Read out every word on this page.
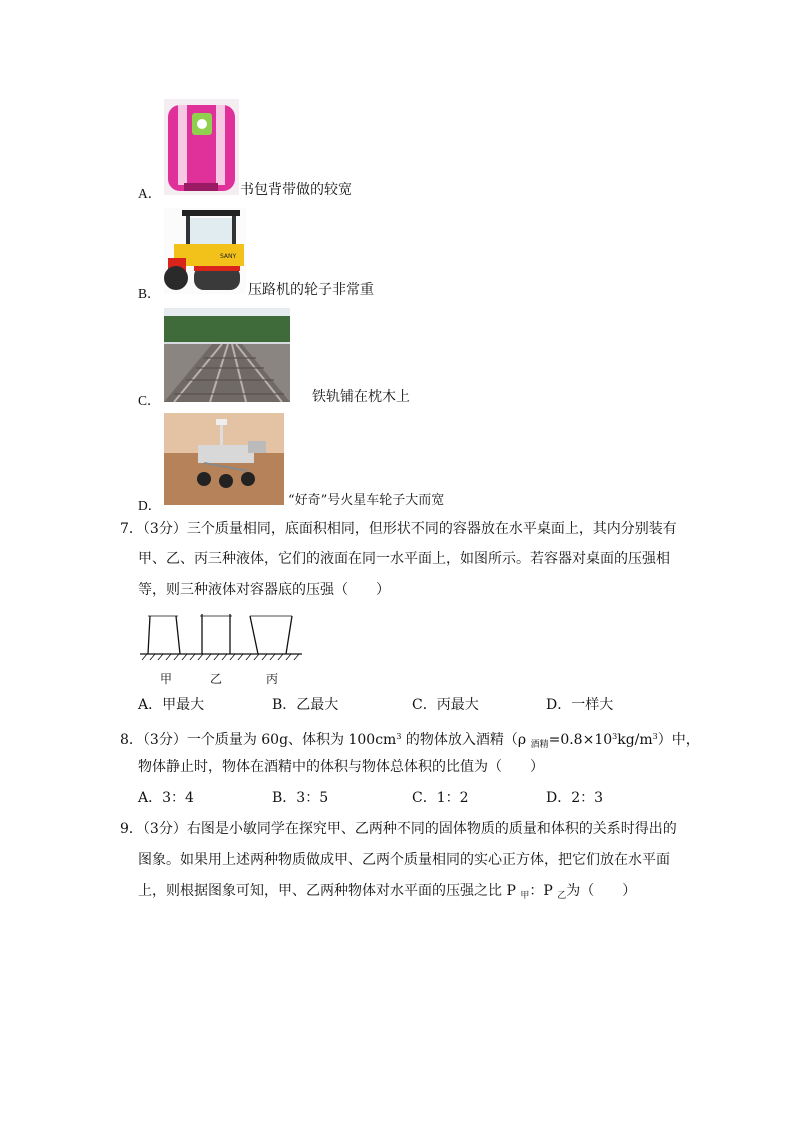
A．	书包背带做的较宽
SANY
B．	压路机的轮子非常重
C．	铁轨铺在枕木上
D．	“好奇”号火星车轮子大而宽
7．（3分）三个质量相同，底面积相同，但形状不同的容器放在水平桌面上，其内分别装有
甲、乙、丙三种液体，它们的液面在同一水平面上，如图所示。若容器对桌面的压强相
等，则三种液体对容器底的压强（　　）
甲	乙	丙
A．甲最大	B．乙最大	C．丙最大	D．一样大
8．（3分）一个质量为 60g、体积为 $100cm^3$ 的物体放入酒精（ρ $_{酒精}=0.8\times 10^3kg/m^3$）中，
物体静止时，物体在酒精中的体积与物体总体积的比值为（　　）
A．3：4	B．3：5	C．1：2	D．2：3
9．（3分）右图是小敏同学在探究甲、乙两种不同的固体物质的质量和体积的关系时得出的
图象。如果用上述两种物质做成甲、乙两个质量相同的实心正方体，把它们放在水平面
上，则根据图象可知，甲、乙两种物体对水平面的压强之比 P $_甲$：P $_乙$为（　　）
